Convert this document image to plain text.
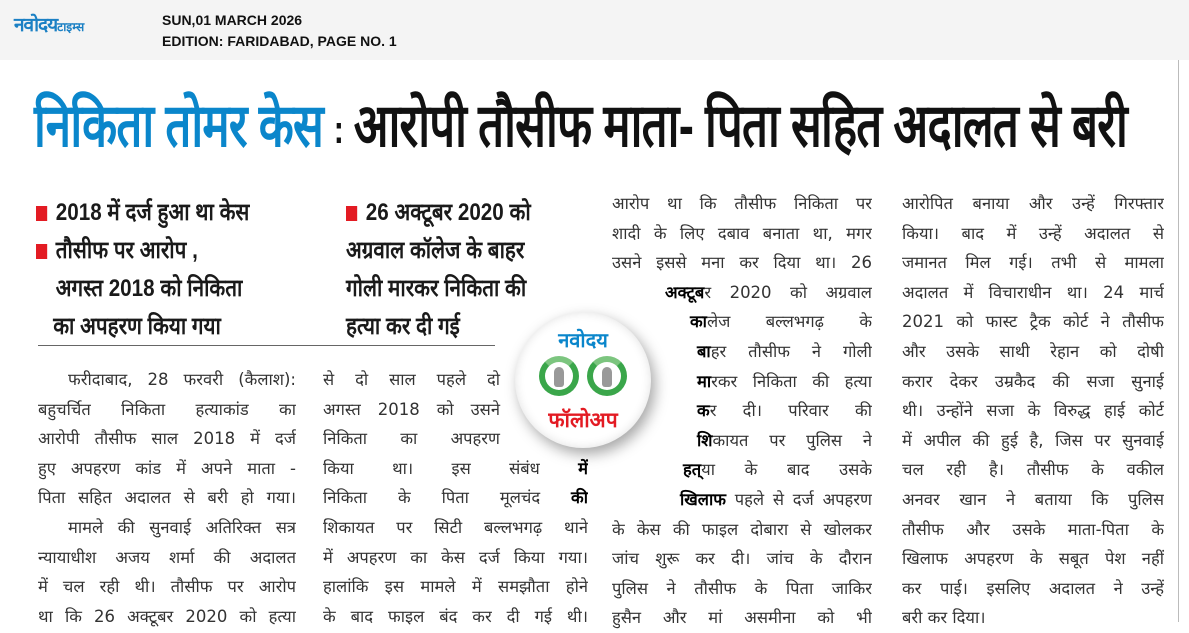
नवोदयटाइम्स	SUN,01 MARCH 2026
EDITION: FARIDABAD, PAGE NO. 1
निकिता तोमर केस : आरोपी तौसीफ माता- पिता सहित अदालत से बरी
2018 में दर्ज हुआ था केस
तौसीफ पर आरोप ,
अगस्त 2018 को निकिता
का अपहरण किया गया
26 अक्टूबर 2020 को
अग्रवाल कॉलेज के बाहर
गोली मारकर निकिता की
हत्या कर दी गई
फरीदाबाद, 28 फरवरी (कैलाश):
बहुचर्चित निकिता हत्याकांड का
आरोपी तौसीफ साल 2018 में दर्ज
हुए अपहरण कांड में अपने माता -
पिता सहित अदालत से बरी हो गया।
मामले की सुनवाई अतिरिक्त सत्र
न्यायाधीश अजय शर्मा की अदालत
में चल रही थी। तौसीफ पर आरोप
था कि 26 अक्टूबर 2020 को हत्या
से दो साल पहले दो
अगस्त 2018 को उसने
निकिता का अपहरण
किया था। इस संबंध में
निकिता के पिता मूलचंद की
शिकायत पर सिटी बल्लभगढ़ थाने
में अपहरण का केस दर्ज किया गया।
हालांकि इस मामले में समझौता होने
के बाद फाइल बंद कर दी गई थी।
आरोप था कि तौसीफ निकिता पर
शादी के लिए दबाव बनाता था, मगर
उसने इससे मना कर दिया था। 26
अक्टूबर 2020 को अग्रवाल
कालेज बल्लभगढ़ के
बाहर तौसीफ ने गोली
मारकर निकिता की हत्या
कर दी। परिवार की
शिकायत पर पुलिस ने
हत्या के बाद उसके
खिलाफ पहले से दर्ज अपहरण
के केस की फाइल दोबारा से खोलकर
जांच शुरू कर दी। जांच के दौरान
पुलिस ने तौसीफ के पिता जाकिर
हुसैन और मां असमीना को भी
आरोपित बनाया और उन्हें गिरफ्तार
किया। बाद में उन्हें अदालत से
जमानत मिल गई। तभी से मामला
अदालत में विचाराधीन था। 24 मार्च
2021 को फास्ट ट्रैक कोर्ट ने तौसीफ
और उसके साथी रेहान को दोषी
करार देकर उम्रकैद की सजा सुनाई
थी। उन्होंने सजा के विरुद्ध हाई कोर्ट
में अपील की हुई है, जिस पर सुनवाई
चल रही है। तौसीफ के वकील
अनवर खान ने बताया कि पुलिस
तौसीफ और उसके माता-पिता के
खिलाफ अपहरण के सबूत पेश नहीं
कर पाई। इसलिए अदालत ने उन्हें
बरी कर दिया।
नवोदय
फॉलोअप
